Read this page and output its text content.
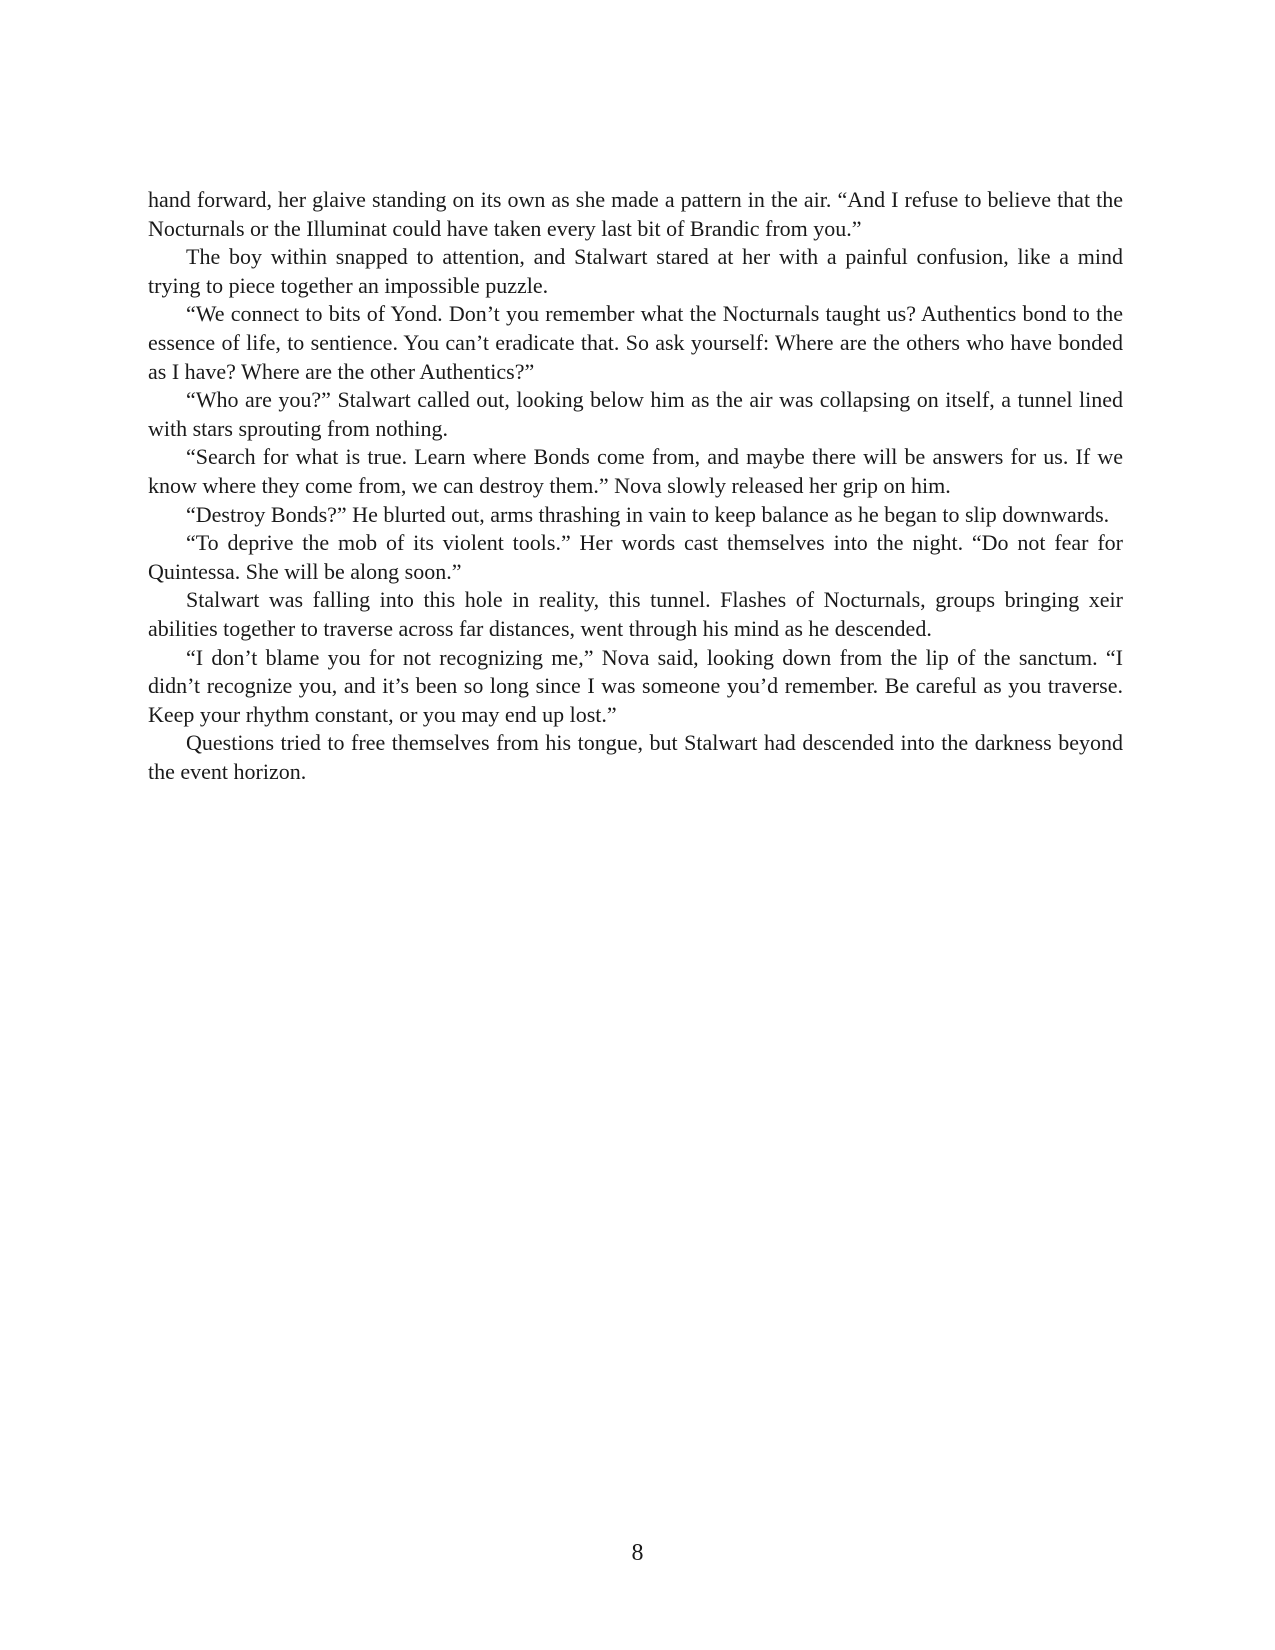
hand forward, her glaive standing on its own as she made a pattern in the air. “And I refuse to believe that the Nocturnals or the Illuminat could have taken every last bit of Brandic from you.”

The boy within snapped to attention, and Stalwart stared at her with a painful confusion, like a mind trying to piece together an impossible puzzle.

“We connect to bits of Yond. Don’t you remember what the Nocturnals taught us? Authentics bond to the essence of life, to sentience. You can’t eradicate that. So ask yourself: Where are the others who have bonded as I have? Where are the other Authentics?”

“Who are you?” Stalwart called out, looking below him as the air was collapsing on itself, a tunnel lined with stars sprouting from nothing.

“Search for what is true. Learn where Bonds come from, and maybe there will be answers for us. If we know where they come from, we can destroy them.” Nova slowly released her grip on him.

“Destroy Bonds?” He blurted out, arms thrashing in vain to keep balance as he began to slip downwards.

“To deprive the mob of its violent tools.” Her words cast themselves into the night. “Do not fear for Quintessa. She will be along soon.”

Stalwart was falling into this hole in reality, this tunnel. Flashes of Nocturnals, groups bringing xeir abilities together to traverse across far distances, went through his mind as he descended.

“I don’t blame you for not recognizing me,” Nova said, looking down from the lip of the sanctum. “I didn’t recognize you, and it’s been so long since I was someone you’d remember. Be careful as you traverse. Keep your rhythm constant, or you may end up lost.”

Questions tried to free themselves from his tongue, but Stalwart had descended into the darkness beyond the event horizon.

8
